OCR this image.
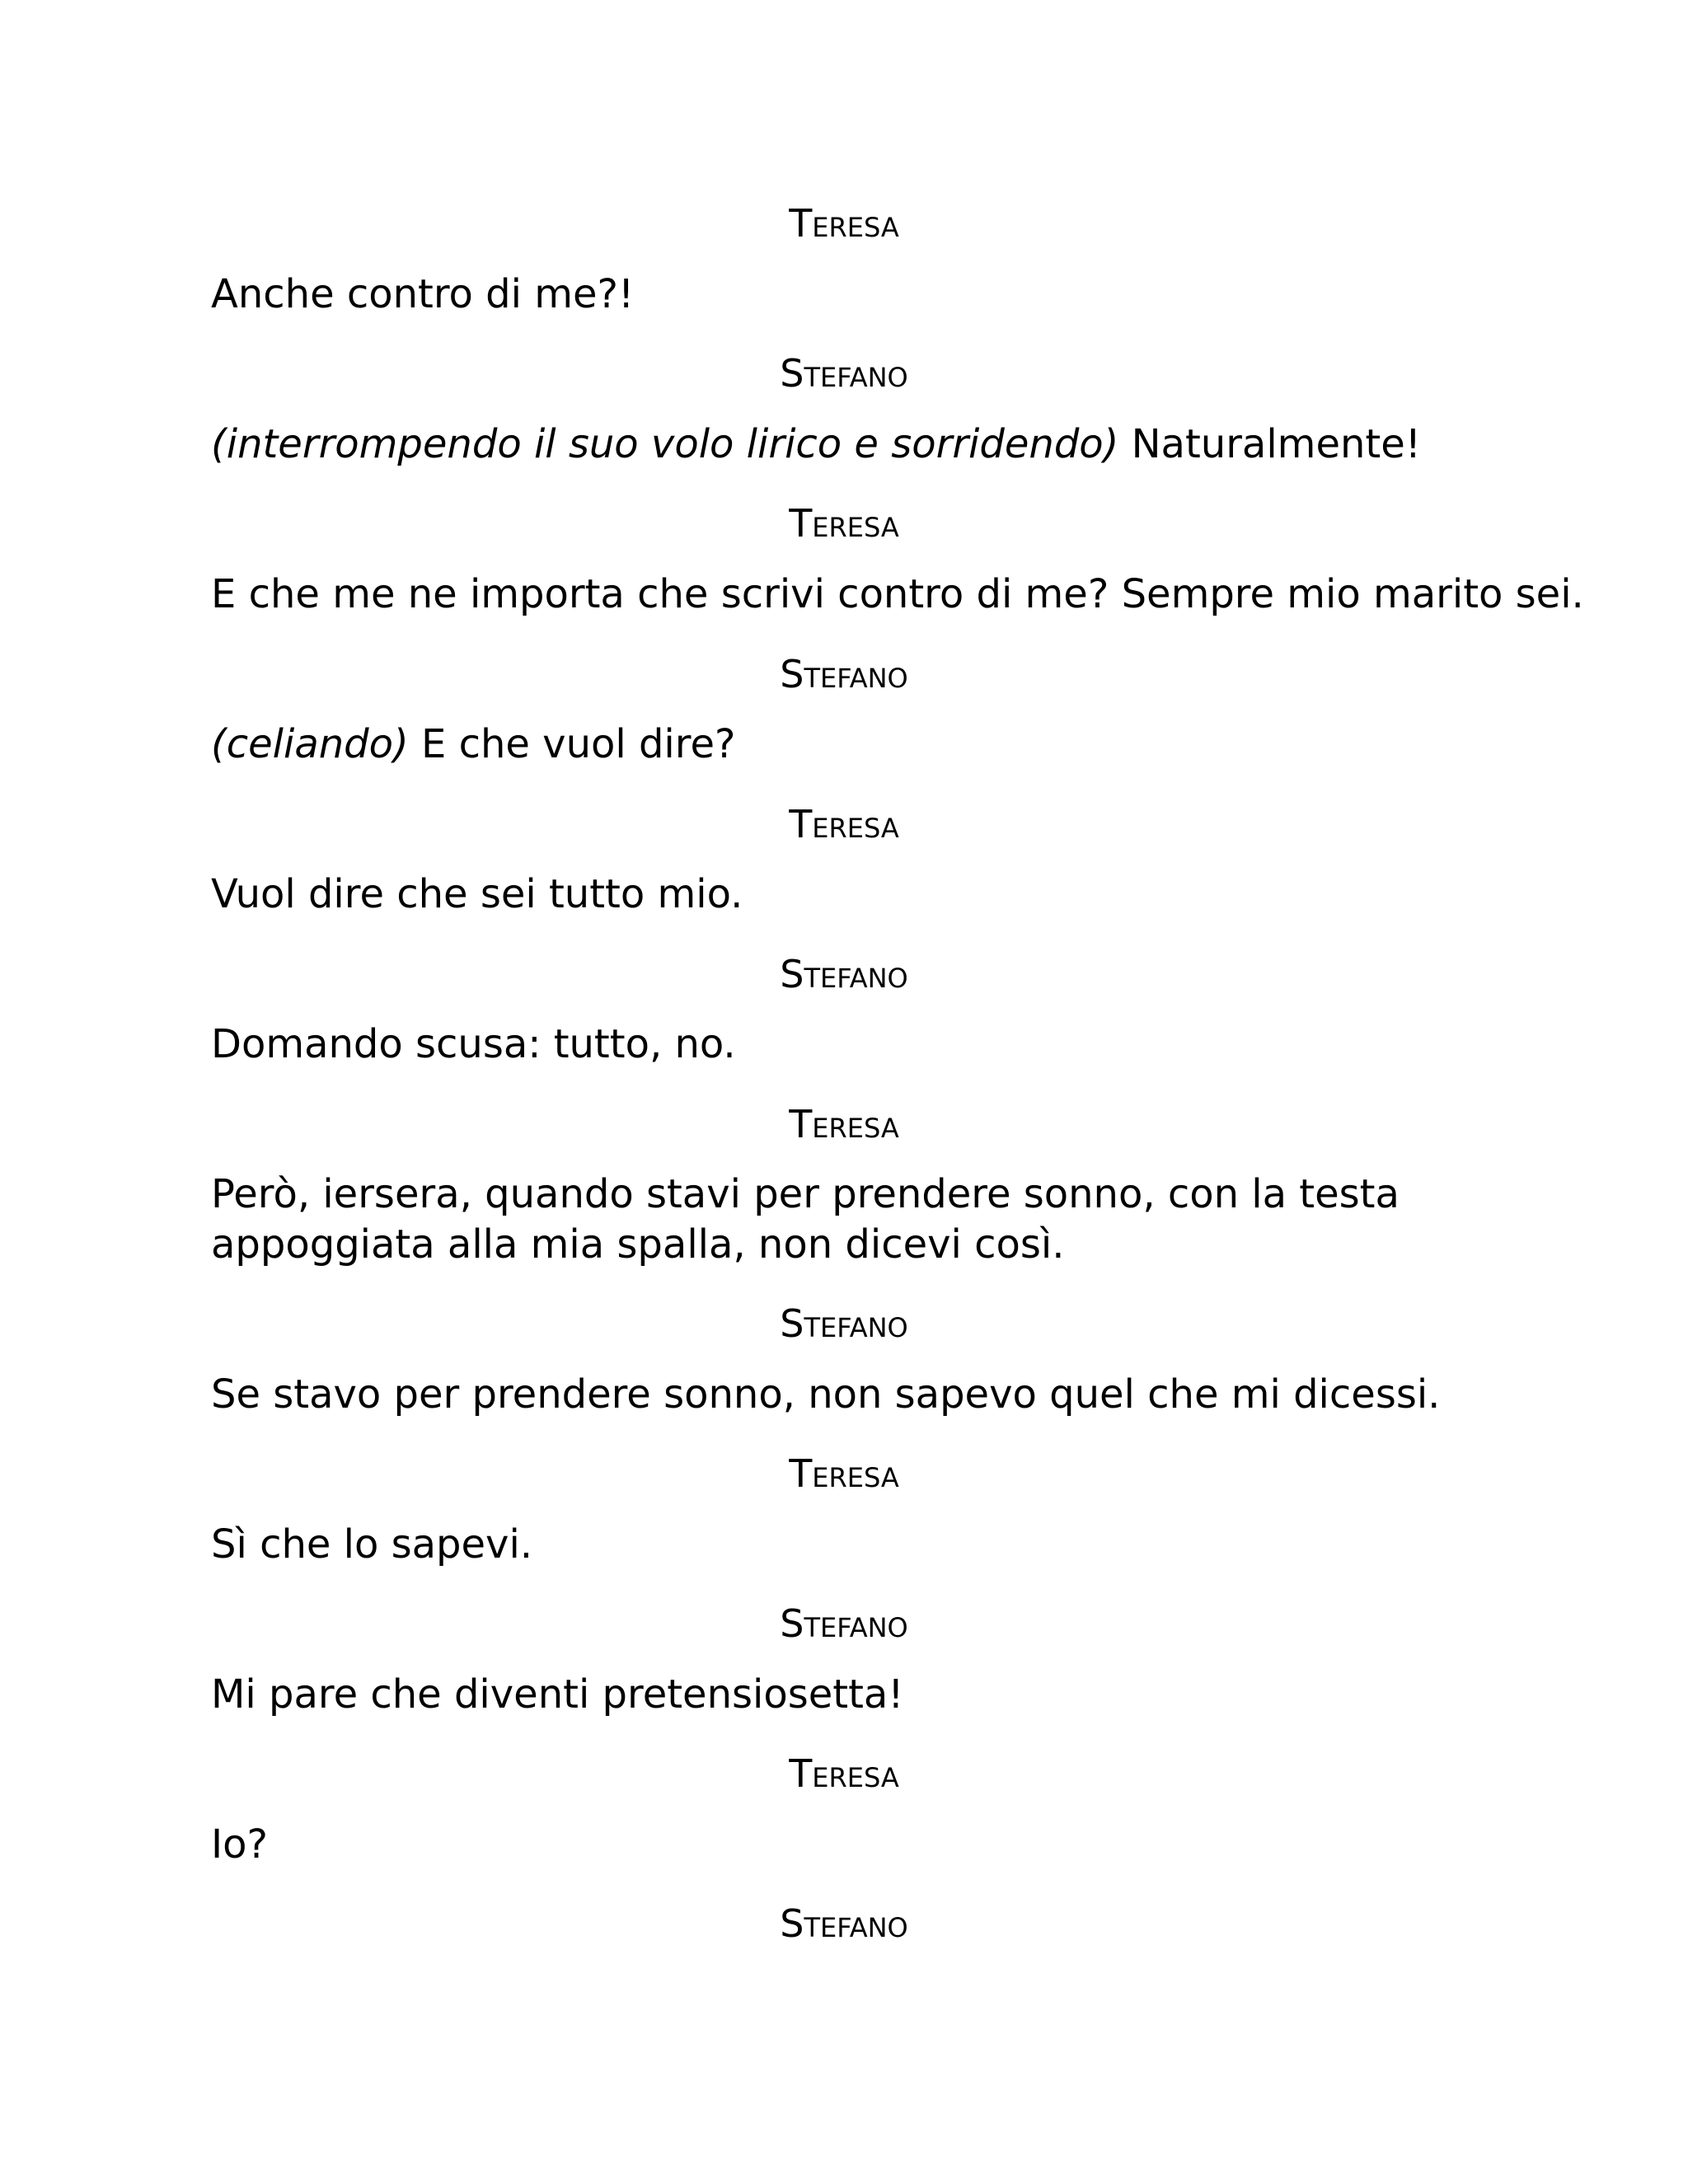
Teresa
Anche contro di me?!
Stefano
(interrompendo il suo volo lirico e sorridendo) Naturalmente!
Teresa
E che me ne importa che scrivi contro di me? Sempre mio marito sei.
Stefano
(celiando) E che vuol dire?
Teresa
Vuol dire che sei tutto mio.
Stefano
Domando scusa: tutto, no.
Teresa
Però, iersera, quando stavi per prendere sonno, con la testa
appoggiata alla mia spalla, non dicevi così.
Stefano
Se stavo per prendere sonno, non sapevo quel che mi dicessi.
Teresa
Sì che lo sapevi.
Stefano
Mi pare che diventi pretensiosetta!
Teresa
Io?
Stefano
